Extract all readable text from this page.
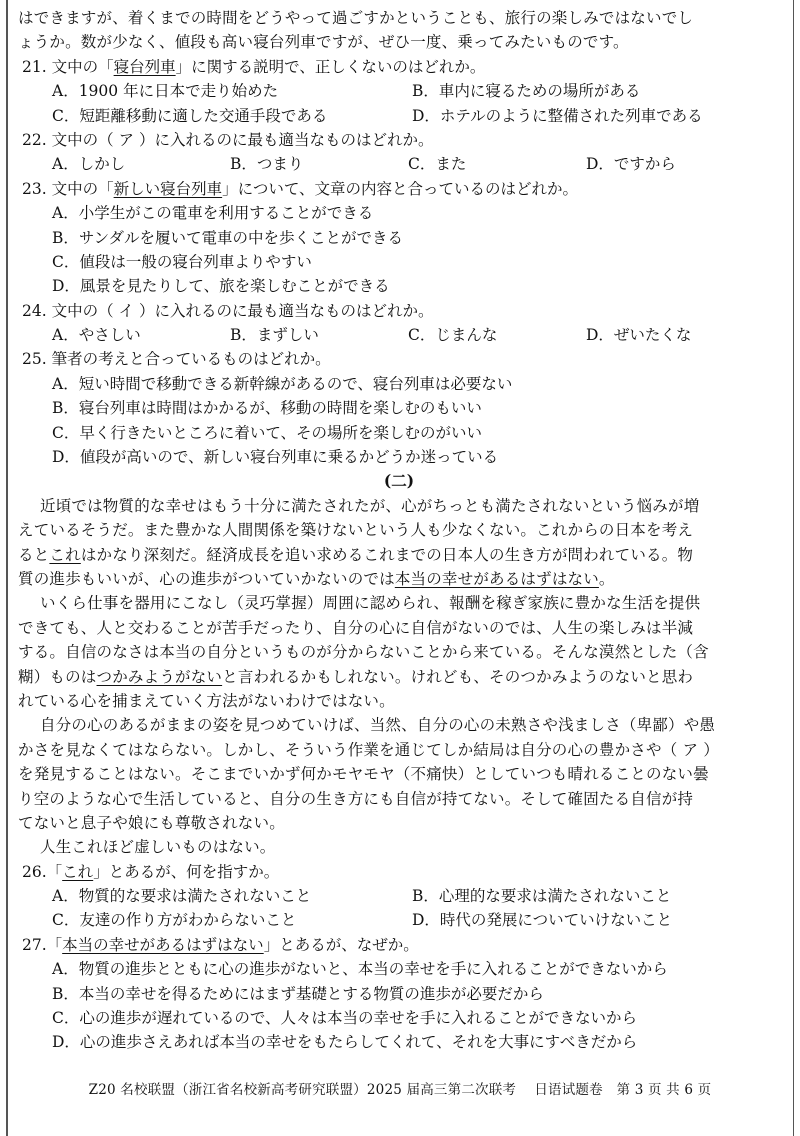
はできますが、着くまでの時間をどうやって過ごすかということも、旅行の楽しみではないでし
ょうか。数が少なく、値段も高い寝台列車ですが、ぜひ一度、乗ってみたいものです。
21. 文中の「寝台列車」に関する説明で、正しくないのはどれか。
A．1900 年に日本で走り始めた	B．車内に寝るための場所がある
C．短距離移動に適した交通手段である	D．ホテルのように整備された列車である
22. 文中の（ ア ）に入れるのに最も適当なものはどれか。
A．しかし	B．つまり	C．また	D．ですから
23. 文中の「新しい寝台列車」について、文章の内容と合っているのはどれか。
A．小学生がこの電車を利用することができる
B．サンダルを履いて電車の中を歩くことができる
C．値段は一般の寝台列車よりやすい
D．風景を見たりして、旅を楽しむことができる
24. 文中の（ イ ）に入れるのに最も適当なものはどれか。
A．やさしい	B．まずしい	C．じまんな	D．ぜいたくな
25. 筆者の考えと合っているものはどれか。
A．短い時間で移動できる新幹線があるので、寝台列車は必要ない
B．寝台列車は時間はかかるが、移動の時間を楽しむのもいい
C．早く行きたいところに着いて、その場所を楽しむのがいい
D．値段が高いので、新しい寝台列車に乗るかどうか迷っている
(二)
近頃では物質的な幸せはもう十分に満たされたが、心がちっとも満たされないという悩みが増
えているそうだ。また豊かな人間関係を築けないという人も少なくない。これからの日本を考え
るとこれはかなり深刻だ。経済成長を追い求めるこれまでの日本人の生き方が問われている。物
質の進歩もいいが、心の進歩がついていかないのでは本当の幸せがあるはずはない。
いくら仕事を器用にこなし（灵巧掌握）周囲に認められ、報酬を稼ぎ家族に豊かな生活を提供
できても、人と交わることが苦手だったり、自分の心に自信がないのでは、人生の楽しみは半減
する。自信のなさは本当の自分というものが分からないことから来ている。そんな漠然とした（含
糊）ものはつかみようがないと言われるかもしれない。けれども、そのつかみようのないと思わ
れている心を捕まえていく方法がないわけではない。
自分の心のあるがままの姿を見つめていけば、当然、自分の心の未熟さや浅ましさ（卑鄙）や愚
かさを見なくてはならない。しかし、そういう作業を通じてしか結局は自分の心の豊かさや（ ア ）
を発見することはない。そこまでいかず何かモヤモヤ（不痛快）としていつも晴れることのない曇
り空のような心で生活していると、自分の生き方にも自信が持てない。そして確固たる自信が持
てないと息子や娘にも尊敬されない。
人生これほど虚しいものはない。
26.「これ」とあるが、何を指すか。
A．物質的な要求は満たされないこと	B．心理的な要求は満たされないこと
C．友達の作り方がわからないこと	D．時代の発展についていけないこと
27.「本当の幸せがあるはずはない」とあるが、なぜか。
A．物質の進歩とともに心の進歩がないと、本当の幸せを手に入れることができないから
B．本当の幸せを得るためにはまず基礎とする物質の進歩が必要だから
C．心の進歩が遅れているので、人々は本当の幸せを手に入れることができないから
D．心の進歩さえあれば本当の幸せをもたらしてくれて、それを大事にすべきだから
Z20 名校联盟（浙江省名校新高考研究联盟）2025 届高三第二次联考　 日语试题卷　第 3 页 共 6 页
